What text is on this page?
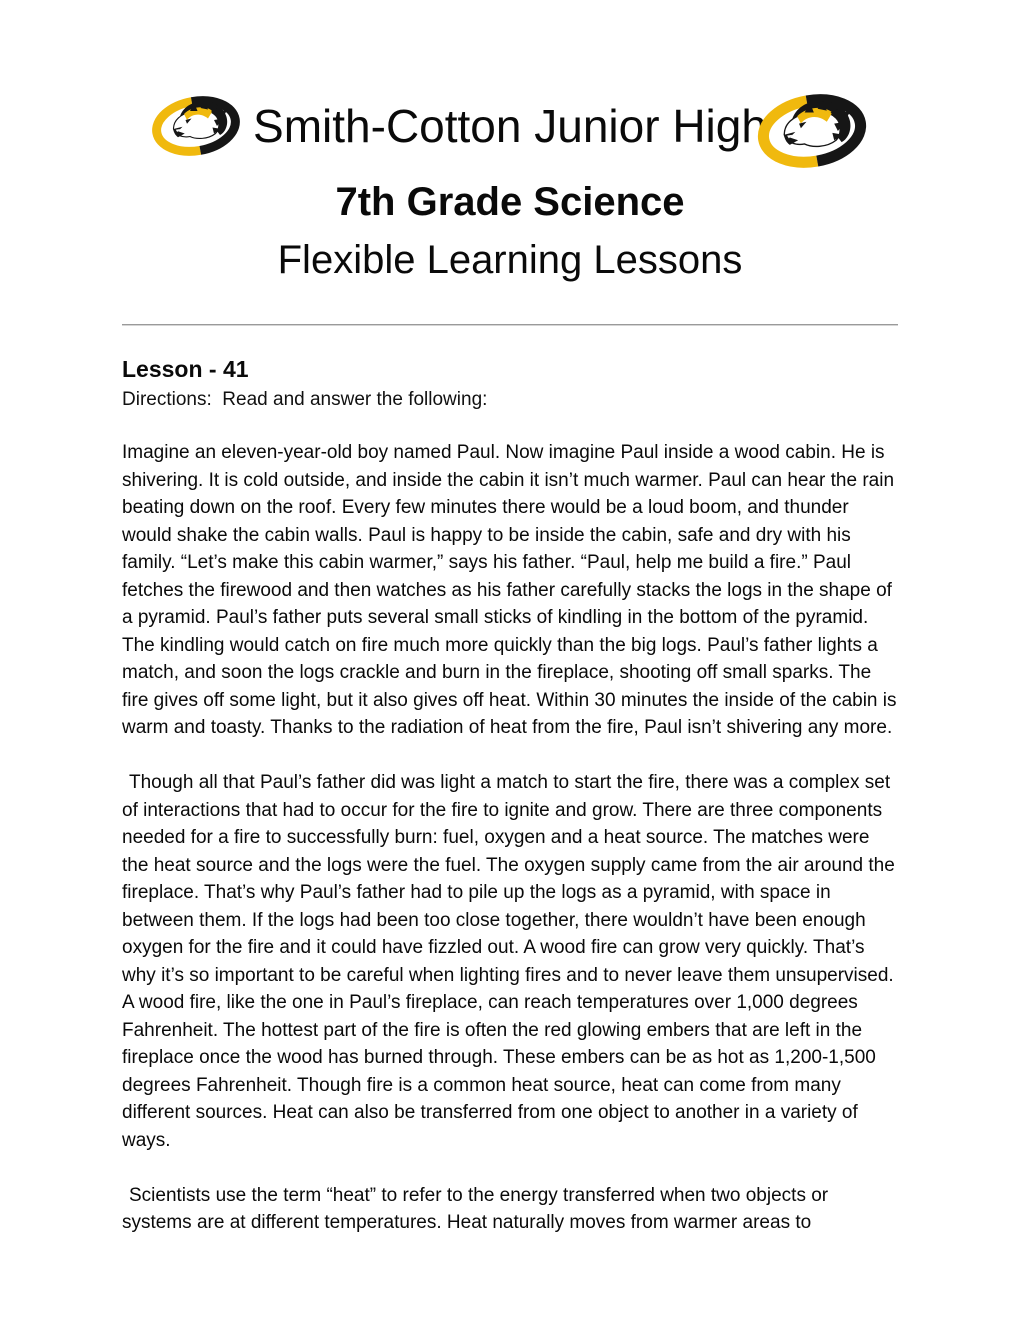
Smith-Cotton Junior High
7th Grade Science
Flexible Learning Lessons
Lesson - 41
Directions:  Read and answer the following:

Imagine an eleven-year-old boy named Paul. Now imagine Paul inside a wood cabin. He is shivering. It is cold outside, and inside the cabin it isn’t much warmer. Paul can hear the rain beating down on the roof. Every few minutes there would be a loud boom, and thunder would shake the cabin walls. Paul is happy to be inside the cabin, safe and dry with his family. “Let’s make this cabin warmer,” says his father. “Paul, help me build a fire.” Paul fetches the firewood and then watches as his father carefully stacks the logs in the shape of a pyramid. Paul’s father puts several small sticks of kindling in the bottom of the pyramid. The kindling would catch on fire much more quickly than the big logs. Paul’s father lights a match, and soon the logs crackle and burn in the fireplace, shooting off small sparks. The fire gives off some light, but it also gives off heat. Within 30 minutes the inside of the cabin is warm and toasty. Thanks to the radiation of heat from the fire, Paul isn’t shivering any more.

Though all that Paul’s father did was light a match to start the fire, there was a complex set of interactions that had to occur for the fire to ignite and grow. There are three components needed for a fire to successfully burn: fuel, oxygen and a heat source. The matches were the heat source and the logs were the fuel. The oxygen supply came from the air around the fireplace. That’s why Paul’s father had to pile up the logs as a pyramid, with space in between them. If the logs had been too close together, there wouldn’t have been enough oxygen for the fire and it could have fizzled out. A wood fire can grow very quickly. That’s why it’s so important to be careful when lighting fires and to never leave them unsupervised. A wood fire, like the one in Paul’s fireplace, can reach temperatures over 1,000 degrees Fahrenheit. The hottest part of the fire is often the red glowing embers that are left in the fireplace once the wood has burned through. These embers can be as hot as 1,200-1,500 degrees Fahrenheit. Though fire is a common heat source, heat can come from many different sources. Heat can also be transferred from one object to another in a variety of ways.

Scientists use the term “heat” to refer to the energy transferred when two objects or systems are at different temperatures. Heat naturally moves from warmer areas to
